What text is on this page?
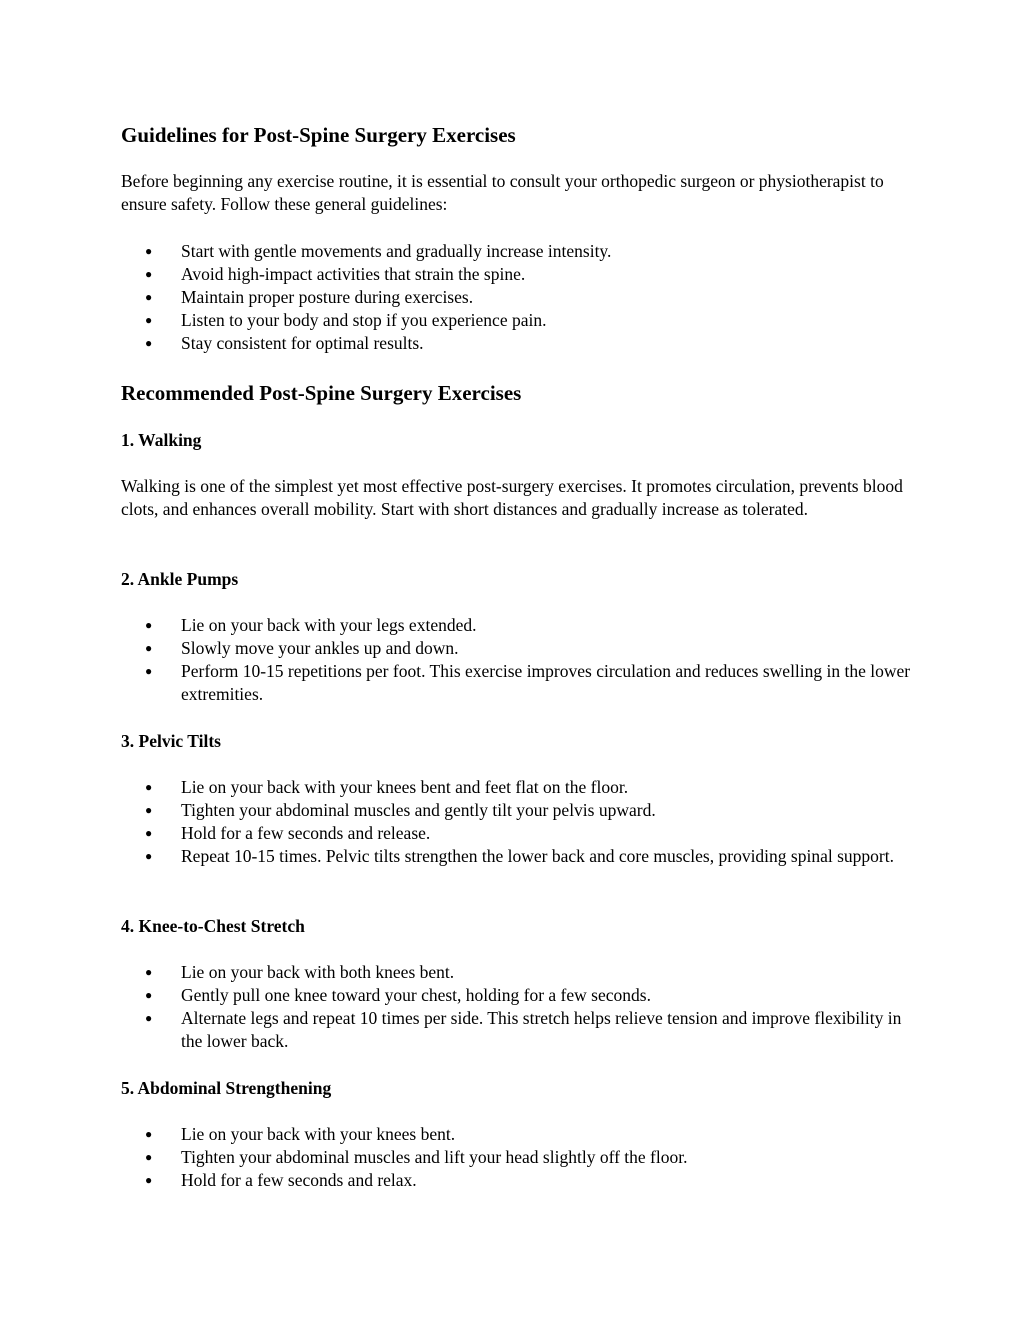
Guidelines for Post-Spine Surgery Exercises

Before beginning any exercise routine, it is essential to consult your orthopedic surgeon or physiotherapist to ensure safety. Follow these general guidelines:

● Start with gentle movements and gradually increase intensity.
● Avoid high-impact activities that strain the spine.
● Maintain proper posture during exercises.
● Listen to your body and stop if you experience pain.
● Stay consistent for optimal results.
Recommended Post-Spine Surgery Exercises
1. Walking

Walking is one of the simplest yet most effective post-surgery exercises. It promotes circulation, prevents blood clots, and enhances overall mobility. Start with short distances and gradually increase as tolerated.

2. Ankle Pumps
● Lie on your back with your legs extended.
● Slowly move your ankles up and down.
● Perform 10-15 repetitions per foot. This exercise improves circulation and reduces swelling in the lower extremities.
3. Pelvic Tilts
● Lie on your back with your knees bent and feet flat on the floor.
● Tighten your abdominal muscles and gently tilt your pelvis upward.
● Hold for a few seconds and release.
● Repeat 10-15 times. Pelvic tilts strengthen the lower back and core muscles, providing spinal support.
4. Knee-to-Chest Stretch
● Lie on your back with both knees bent.
● Gently pull one knee toward your chest, holding for a few seconds.
● Alternate legs and repeat 10 times per side. This stretch helps relieve tension and improve flexibility in the lower back.
5. Abdominal Strengthening
● Lie on your back with your knees bent.
● Tighten your abdominal muscles and lift your head slightly off the floor.
● Hold for a few seconds and relax.
